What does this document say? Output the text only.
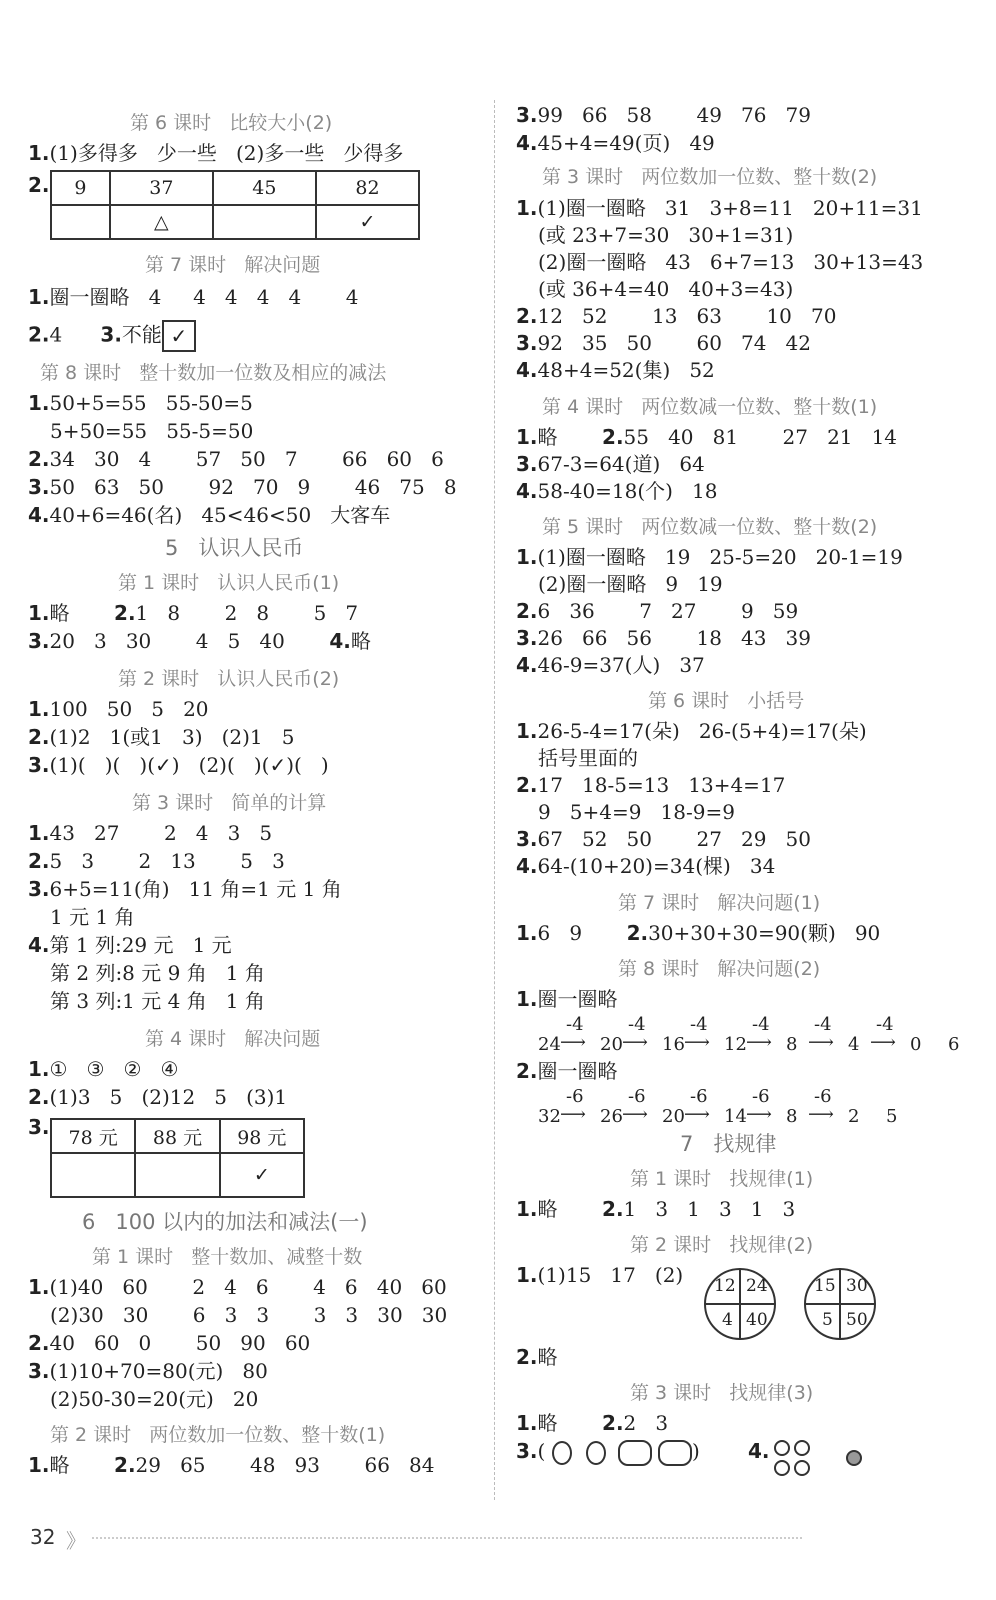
第 6 课时   比较大小(2)
1.(1)多得多   少一些   (2)多一些   少得多
2. 9	37	45	82
	△		✓
第 7 课时   解决问题
1.圈一圈略   4     4   4   4   4       4
2.4 3.不能 ✓
第 8 课时   整十数加一位数及相应的减法
1.50+5=55   55-50=5
5+50=55   55-5=50
2.34   30   4       57   50   7       66   60   6
3.50   63   50       92   70   9       46   75   8
4.40+6=46(名)   45<46<50 大客车
5   认识人民币
第 1 课时   认识人民币(1)
1.略 2.1   8       2   8       5   7
3.20   3   30       4   5   40 4.略
第 2 课时   认识人民币(2)
1.100   50   5   20
2.(1)2   1(或1   3)   (2)1   5
3.(1)(   )(   )(✓)   (2)(   )(✓)(   )
第 3 课时   简单的计算
1.43   27       2   4   3   5
2.5   3       2   13       5   3
3.6+5=11(角)   11 角=1 元 1 角
1 元 1 角
4.第 1 列:29 元   1 元
第 2 列:8 元 9 角   1 角
第 3 列:1 元 4 角   1 角
第 4 课时   解决问题
1.①   ③   ②   ④
2.(1)3   5   (2)12   5   (3)1
3. 78 元	88 元	98 元
		✓
6   100 以内的加法和减法(一)
第 1 课时   整十数加、减整十数
1.(1)40   60       2   4   6       4   6   40   60
(2)30   30       6   3   3       3   3   30   30
2.40   60   0       50   90   60
3.(1)10+70=80(元)   80
(2)50-30=20(元)   20
第 2 课时   两位数加一位数、整十数(1)
1.略 2.29   65       48   93       66   84
3.99   66   58       49   76   79
4.45+4=49(页)   49
第 3 课时   两位数加一位数、整十数(2)
1.(1)圈一圈略   31   3+8=11   20+11=31
(或 23+7=30   30+1=31)
(2)圈一圈略   43   6+7=13   30+13=43
(或 36+4=40   40+3=43)
2.12   52       13   63       10   70
3.92   35   50       60   74   42
4.48+4=52(集)   52
第 4 课时   两位数减一位数、整十数(1)
1.略 2.55   40   81       27   21   14
3.67-3=64(道)   64
4.58-40=18(个)   18
第 5 课时   两位数减一位数、整十数(2)
1.(1)圈一圈略   19   25-5=20   20-1=19
(2)圈一圈略   9   19
2.6   36       7   27       9   59
3.26   66   56       18   43   39
4.46-9=37(人)   37
第 6 课时   小括号
1.26-5-4=17(朵)   26-(5+4)=17(朵)
括号里面的
2.17   18-5=13   13+4=17
9   5+4=9   18-9=9
3.67   52   50       27   29   50
4.64-(10+20)=34(棵)   34
第 7 课时   解决问题(1)
1.6   9 2.30+30+30=90(颗)   90
第 8 课时   解决问题(2)
1.圈一圈略
24 ⟶
-4
20 ⟶
-4
16 ⟶
-4
12 ⟶
-4
8 ⟶
-4
4 ⟶
-4
0 6
2.圈一圈略
32 ⟶
-6
26 ⟶
-6
20 ⟶
-6
14 ⟶
-6
8 ⟶
-6
2 5
7   找规律
第 1 课时   找规律(1)
1.略 2.1   3   1   3   1   3
第 2 课时   找规律(2)
1.(1)15   17   (2) 12 24
4 40
15 30
5 50
2.略
第 3 课时   找规律(3)
1.略 2.2   3
3.(	) 4.
32 》
